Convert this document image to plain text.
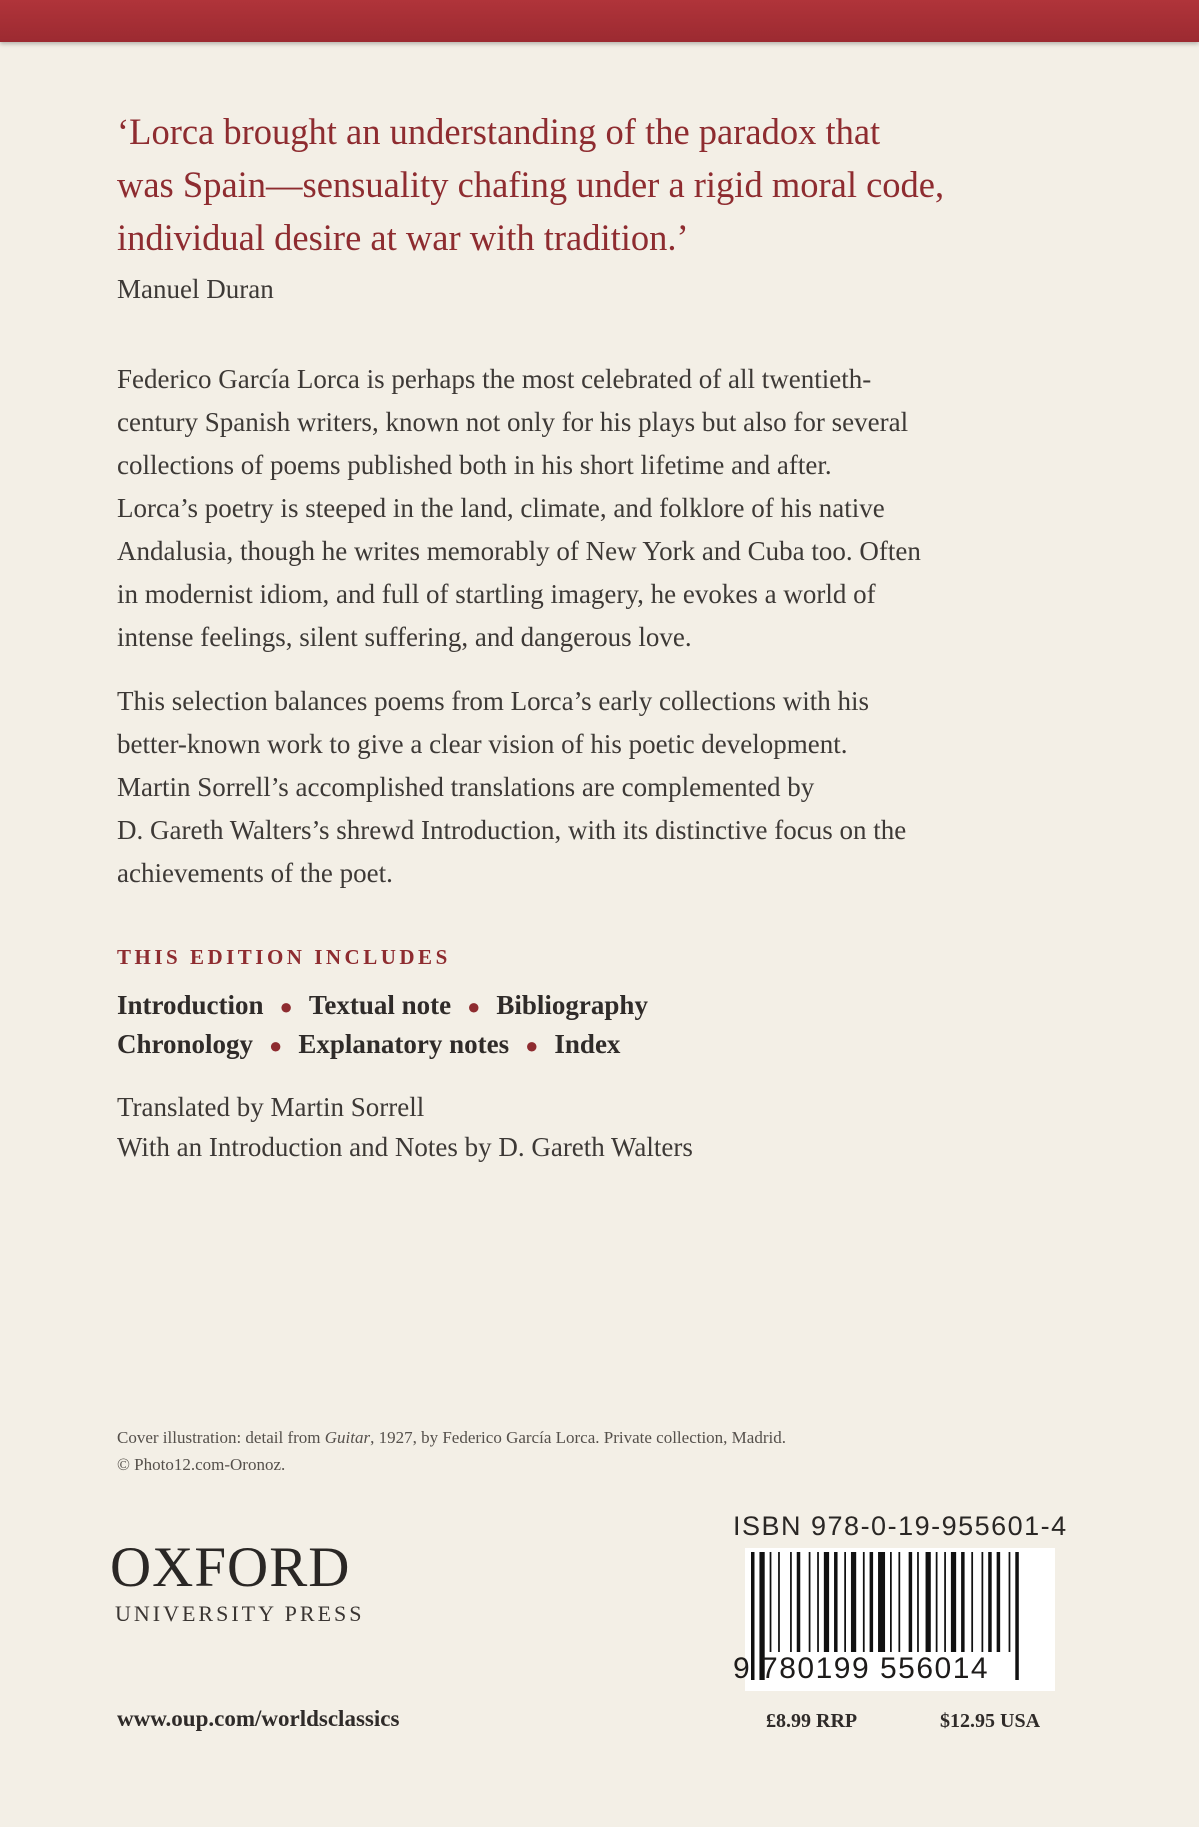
‘Lorca brought an understanding of the paradox that
was Spain—sensuality chafing under a rigid moral code,
individual desire at war with tradition.’
Manuel Duran

Federico García Lorca is perhaps the most celebrated of all twentieth-
century Spanish writers, known not only for his plays but also for several
collections of poems published both in his short lifetime and after.
Lorca’s poetry is steeped in the land, climate, and folklore of his native
Andalusia, though he writes memorably of New York and Cuba too. Often
in modernist idiom, and full of startling imagery, he evokes a world of
intense feelings, silent suffering, and dangerous love.

This selection balances poems from Lorca’s early collections with his
better-known work to give a clear vision of his poetic development.
Martin Sorrell’s accomplished translations are complemented by
D. Gareth Walters’s shrewd Introduction, with its distinctive focus on the
achievements of the poet.

THIS EDITION INCLUDES
Introduction ● Textual note ● Bibliography
Chronology ● Explanatory notes ● Index
Translated by Martin Sorrell
With an Introduction and Notes by D. Gareth Walters
Cover illustration: detail from Guitar, 1927, by Federico García Lorca. Private collection, Madrid.
© Photo12.com-Oronoz.
OXFORD
UNIVERSITY PRESS
www.oup.com/worldsclassics
ISBN 978-0-19-955601-4
9 780199 556014
£8.99 RRP	$12.95 USA
